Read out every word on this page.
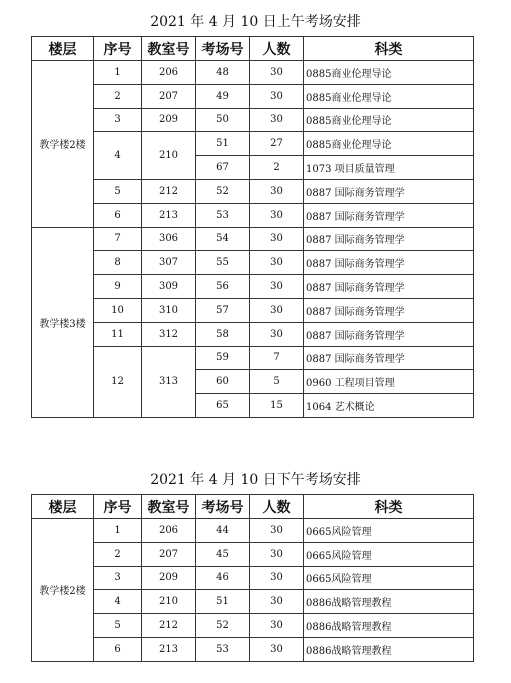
2021 年 4 月 10 日上午考场安排
楼层	序号	教室号	考场号	人数	科类
教学楼2楼	1	206	48	30	0885商业伦理导论
	2	207	49	30	0885商业伦理导论
	3	209	50	30	0885商业伦理导论
	4	210	51	27	0885商业伦理导论
			67	2	1073 项目质量管理
	5	212	52	30	0887 国际商务管理学
	6	213	53	30	0887 国际商务管理学
教学楼3楼	7	306	54	30	0887 国际商务管理学
	8	307	55	30	0887 国际商务管理学
	9	309	56	30	0887 国际商务管理学
	10	310	57	30	0887 国际商务管理学
	11	312	58	30	0887 国际商务管理学
	12	313	59	7	0887 国际商务管理学
			60	5	0960 工程项目管理
			65	15	1064 艺术概论
2021 年 4 月 10 日下午考场安排
楼层	序号	教室号	考场号	人数	科类
教学楼2楼	1	206	44	30	0665风险管理
	2	207	45	30	0665风险管理
	3	209	46	30	0665风险管理
	4	210	51	30	0886战略管理教程
	5	212	52	30	0886战略管理教程
	6	213	53	30	0886战略管理教程
